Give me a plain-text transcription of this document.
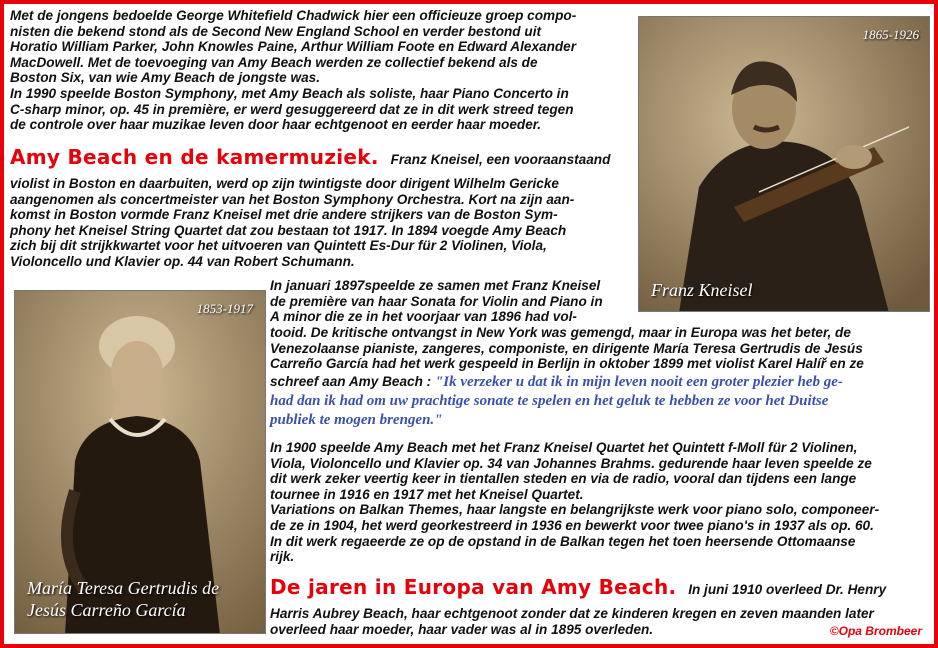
Met de jongens bedoelde George Whitefield Chadwick hier een officieuze groep compo-
nisten die bekend stond als de Second New England School en verder bestond uit
Horatio William Parker, John Knowles Paine, Arthur William Foote en Edward Alexander
MacDowell. Met de toevoeging van Amy Beach werden ze collectief bekend als de
Boston Six, van wie Amy Beach de jongste was.
In 1990 speelde Boston Symphony, met Amy Beach als soliste, haar Piano Concerto in
C-sharp minor, op. 45 in première, er werd gesuggereerd dat ze in dit werk streed tegen
de controle over haar muzikae leven door haar echtgenoot en eerder haar moeder.
Amy Beach en de kamermuziek. Franz Kneisel, een vooraanstaand
violist in Boston en daarbuiten, werd op zijn twintigste door dirigent Wilhelm Gericke
aangenomen als concertmeister van het Boston Symphony Orchestra. Kort na zijn aan-
komst in Boston vormde Franz Kneisel met drie andere strijkers van de Boston Sym-
phony het Kneisel String Quartet dat zou bestaan tot 1917. In 1894 voegde Amy Beach
zich bij dit strijkkwartet voor het uitvoeren van Quintett Es-Dur für 2 Violinen, Viola,
Violoncello und Klavier op. 44 van Robert Schumann.
In januari 1897speelde ze samen met Franz Kneisel
de première van haar Sonata for Violin and Piano in
A minor die ze in het voorjaar van 1896 had vol-
tooid. De kritische ontvangst in New York was gemengd, maar in Europa was het beter, de
Venezolaanse pianiste, zangeres, componiste, en dirigente María Teresa Gertrudis de Jesús
Carreño García had het werk gespeeld in Berlijn in oktober 1899 met violist Karel Halíř en ze
schreef aan Amy Beach : "Ik verzeker u dat ik in mijn leven nooit een groter plezier heb ge-
had dan ik had om uw prachtige sonate te spelen en het geluk te hebben ze voor het Duitse
publiek te mogen brengen."
In 1900 speelde Amy Beach met het Franz Kneisel Quartet het Quintett f-Moll für 2 Violinen,
Viola, Violoncello und Klavier op. 34 van Johannes Brahms. gedurende haar leven speelde ze
dit werk zeker veertig keer in tientallen steden en via de radio, vooral dan tijdens een lange
tournee in 1916 en 1917 met het Kneisel Quartet.
Variations on Balkan Themes, haar langste en belangrijkste werk voor piano solo, componeer-
de ze in 1904, het werd georkestreerd in 1936 en bewerkt voor twee piano's in 1937 als op. 60.
In dit werk regaeerde ze op de opstand in de Balkan tegen het toen heersende Ottomaanse
rijk.
De jaren in Europa van Amy Beach. In juni 1910 overleed Dr. Henry
Harris Aubrey Beach, haar echtgenoot zonder dat ze kinderen kregen en zeven maanden later
overleed haar moeder, haar vader was al in 1895 overleden.
1865-1926
Franz Kneisel
1853-1917
María Teresa Gertrudis de
Jesús Carreño García
©Opa Brombeer
